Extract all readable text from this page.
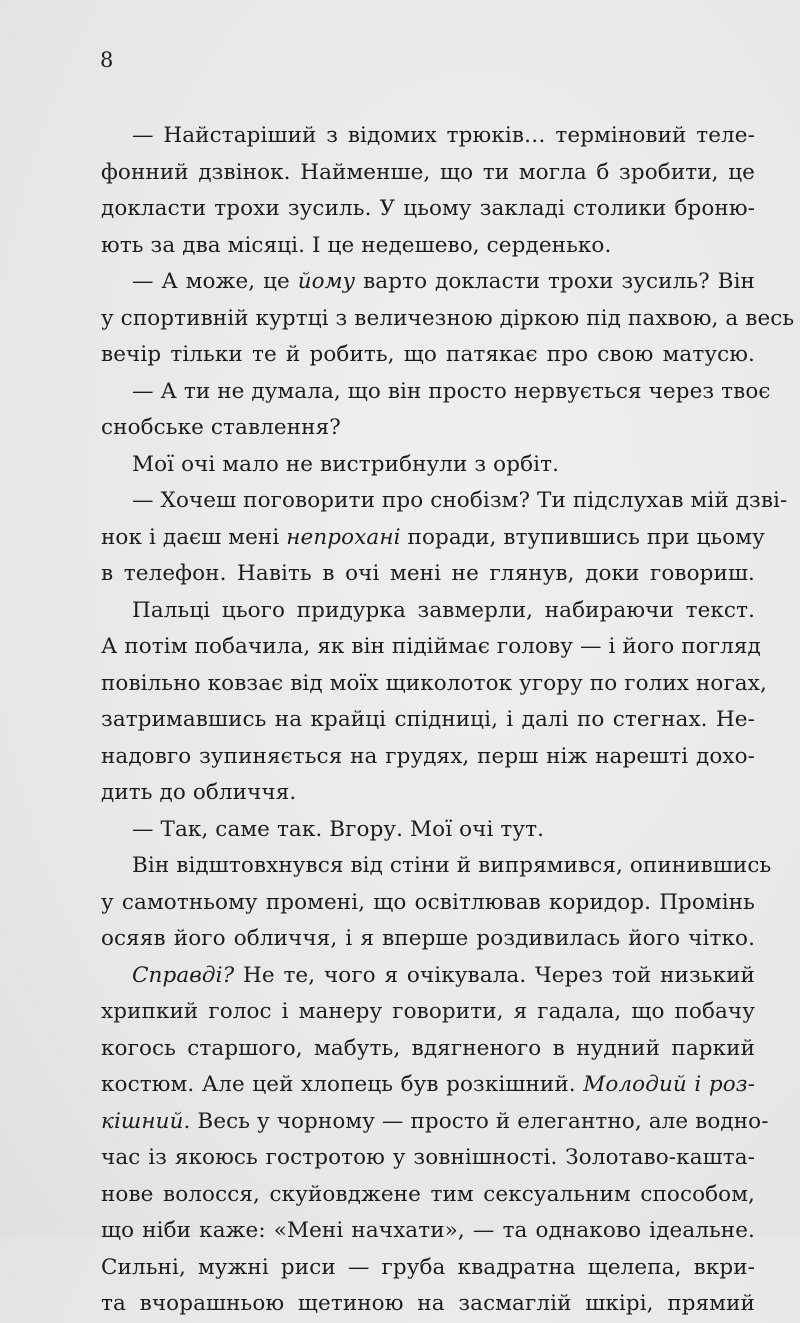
8
— Найстаріший з відомих трюків… терміновий теле-
фонний дзвінок. Найменше, що ти могла б зробити, це
докласти трохи зусиль. У цьому закладі столики броню-
ють за два місяці. І це недешево, серденько.
— А може, це йому варто докласти трохи зусиль? Він
у спортивній куртці з величезною діркою під пахвою, а весь
вечір тільки те й робить, що патякає про свою матусю.
— А ти не думала, що він просто нервується через твоє
снобське ставлення?
Мої очі мало не вистрибнули з орбіт.
— Хочеш поговорити про снобізм? Ти підслухав мій дзві-
нок і даєш мені непрохані поради, втупившись при цьому
в телефон. Навіть в очі мені не глянув, доки говориш.
Пальці цього придурка завмерли, набираючи текст.
А потім побачила, як він підіймає голову — і його погляд
повільно ковзає від моїх щиколоток угору по голих ногах,
затримавшись на крайці спідниці, і далі по стегнах. Не-
надовго зупиняється на грудях, перш ніж нарешті дохо-
дить до обличчя.
— Так, саме так. Вгору. Мої очі тут.
Він відштовхнувся від стіни й випрямився, опинившись
у самотньому промені, що освітлював коридор. Промінь
осяяв його обличчя, і я вперше роздивилась його чітко.
Справді? Не те, чого я очікувала. Через той низький
хрипкий голос і манеру говорити, я гадала, що побачу
когось старшого, мабуть, вдягненого в нудний паркий
костюм. Але цей хлопець був розкішний. Молодий і роз-
кішний. Весь у чорному — просто й елегантно, але водно-
час із якоюсь гостротою у зовнішності. Золотаво-кашта-
нове волосся, скуйовджене тим сексуальним способом,
що ніби каже: «Мені начхати», — та однаково ідеальне.
Сильні, мужні риси — груба квадратна щелепа, вкри-
та вчорашньою щетиною на засмаглій шкірі, прямий
